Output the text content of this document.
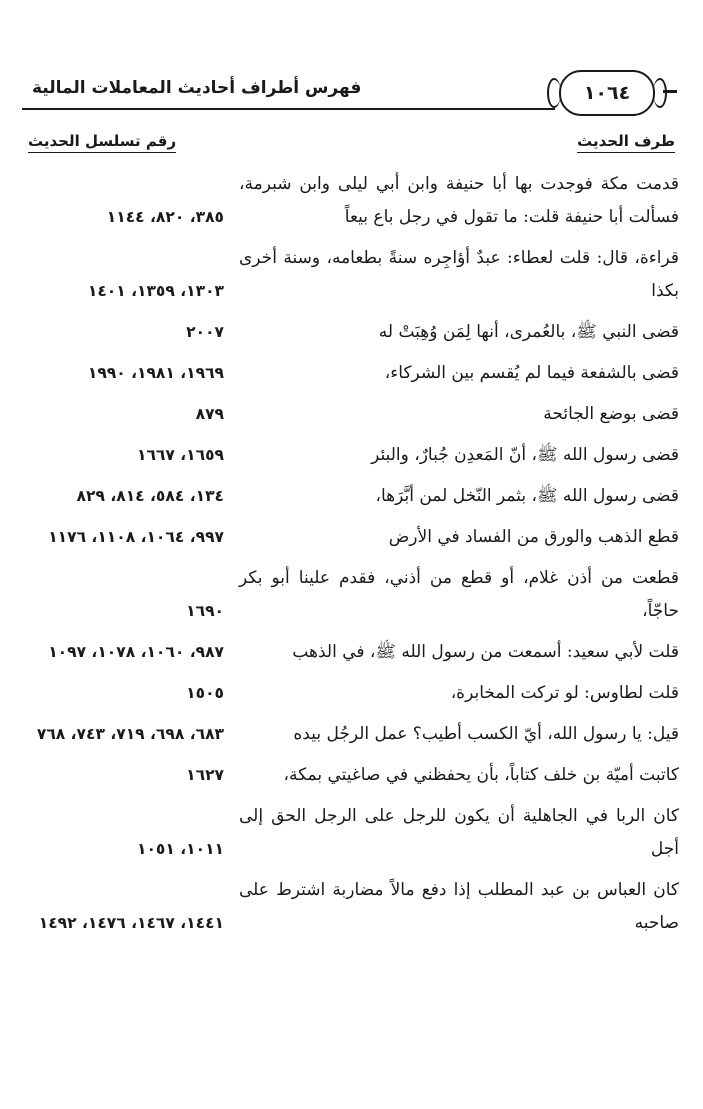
١٠٦٤
فهرس أطراف أحاديث المعاملات المالية
طرف الحديث
رقم تسلسل الحديث
قدمت مكة فوجدت بها أبا حنيفة وابن أبي ليلى وابن شبرمة، فسألت أبا حنيفة قلت: ما تقول في رجل باع بيعاً
٣٨٥، ٨٢٠، ١١٤٤
قراءة، قال: قلت لعطاء: عبدٌ أؤاجِره سنةً بطعامه، وسنة أخرى بكذا
١٣٠٣، ١٣٥٩، ١٤٠١
قضى النبي ﷺ، بالعُمرى، أنها لِمَن وُهِبَتْ له
٢٠٠٧
قضى بالشفعة فيما لم يُقسم بين الشركاء،
١٩٦٩، ١٩٨١، ١٩٩٠
قضى بوضع الجائحة
٨٧٩
قضى رسول الله ﷺ، أنّ المَعدِن جُبارٌ، والبئر
١٦٥٩، ١٦٦٧
قضى رسول الله ﷺ، بثمر النّخل لمن أبَّرَها،
١٣٤، ٥٨٤، ٨١٤، ٨٢٩
قطع الذهب والورق من الفساد في الأرض
٩٩٧، ١٠٦٤، ١١٠٨، ١١٧٦
قطعت من أذن غلام، أو قطع من أذني، فقدم علينا أبو بكر حاجّاً،
١٦٩٠
قلت لأبي سعيد: أسمعت من رسول الله ﷺ، في الذهب
٩٨٧، ١٠٦٠، ١٠٧٨، ١٠٩٧
قلت لطاوس: لو تركت المخابرة،
١٥٠٥
قيل: يا رسول الله، أيّ الكسب أطيب؟ عمل الرجُل بيده
٦٨٣، ٦٩٨، ٧١٩، ٧٤٣، ٧٦٨
كاتبت أميّة بن خلف كتاباً، بأن يحفظني في صاغيتي بمكة،
١٦٢٧
كان الربا في الجاهلية أن يكون للرجل على الرجل الحق إلى أجل
١٠١١، ١٠٥١
كان العباس بن عبد المطلب إذا دفع مالاً مضاربة اشترط على صاحبه
١٤٤١، ١٤٦٧، ١٤٧٦، ١٤٩٢
